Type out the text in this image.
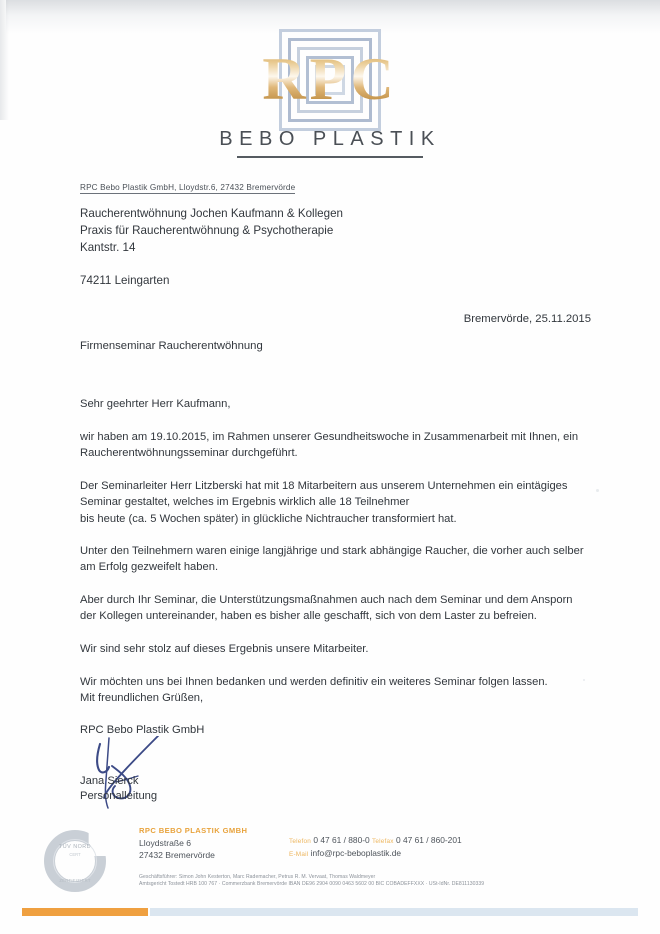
RPC
BEBO PLASTIK
RPC Bebo Plastik GmbH, Lloydstr.6, 27432 Bremervörde
Raucherentwöhnung Jochen Kaufmann & Kollegen
Praxis für Raucherentwöhnung & Psychotherapie
Kantstr. 14
74211 Leingarten
Bremervörde, 25.11.2015
Firmenseminar Raucherentwöhnung

Sehr geehrter Herr Kaufmann,

wir haben am 19.10.2015, im Rahmen unserer Gesundheitswoche in Zusammenarbeit mit Ihnen, ein Raucherentwöhnungsseminar durchgeführt.

Der Seminarleiter Herr Litzberski hat mit 18 Mitarbeitern aus unserem Unternehmen ein eintägiges
Seminar gestaltet, welches im Ergebnis wirklich alle 18 Teilnehmer
bis heute (ca. 5 Wochen später) in glückliche Nichtraucher transformiert hat.

Unter den Teilnehmern waren einige langjährige und stark abhängige Raucher, die vorher auch selber am Erfolg gezweifelt haben.

Aber durch Ihr Seminar, die Unterstützungsmaßnahmen auch nach dem Seminar und dem Ansporn der Kollegen untereinander, haben es bisher alle geschafft, sich von dem Laster zu befreien.

Wir sind sehr stolz auf dieses Ergebnis unsere Mitarbeiter.

Wir möchten uns bei Ihnen bedanken und werden definitiv ein weiteres Seminar folgen lassen.

Mit freundlichen Grüßen,
RPC Bebo Plastik GmbH
Jana Sierck
Personalleitung
TÜV NORD
CERT
ZERTIFIZIERT
RPC BEBO PLASTIK GMBH
Lloydstraße 6
27432 Bremervörde
Telefon 0 47 61 / 880-0 Telefax 0 47 61 / 860-201
E-Mail info@rpc-beboplastik.de
Geschäftsführer: Simon John Kesterton, Marc Rademacher, Petrus R. M. Vervaat, Thomas Waldmeyer
Amtsgericht Tostedt HRB 100 767 · Commerzbank Bremervörde IBAN DE96 2904 0090 0463 5602 00 BIC COBADEFFXXX · USt-IdNr. DE811130339
